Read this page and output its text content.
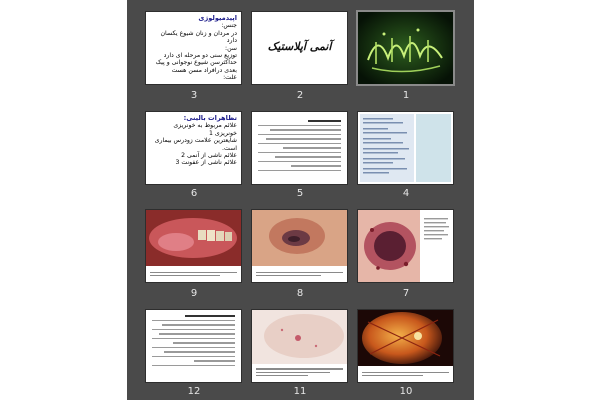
اپیدمیولوژی
جنس:
در مردان و زنان شیوع یکسان دارد
سن:
توزیع سنی دو مرحله ای دارد
حداکثرسن شیوع نوجوانی و پیک
بعدی درافراد مسن هست
علت:
3
آنمی آپلاستیک
2	1
تظاهرات بالینی:
علائم مربوط به خونریزی خونریزی 1
شایعترین علامت زودرس بیماری
است.
علائم ناشی از آنمی 2
علائم ناشی از عفونت 3
6	5	4
9	8	7
12	11	10
